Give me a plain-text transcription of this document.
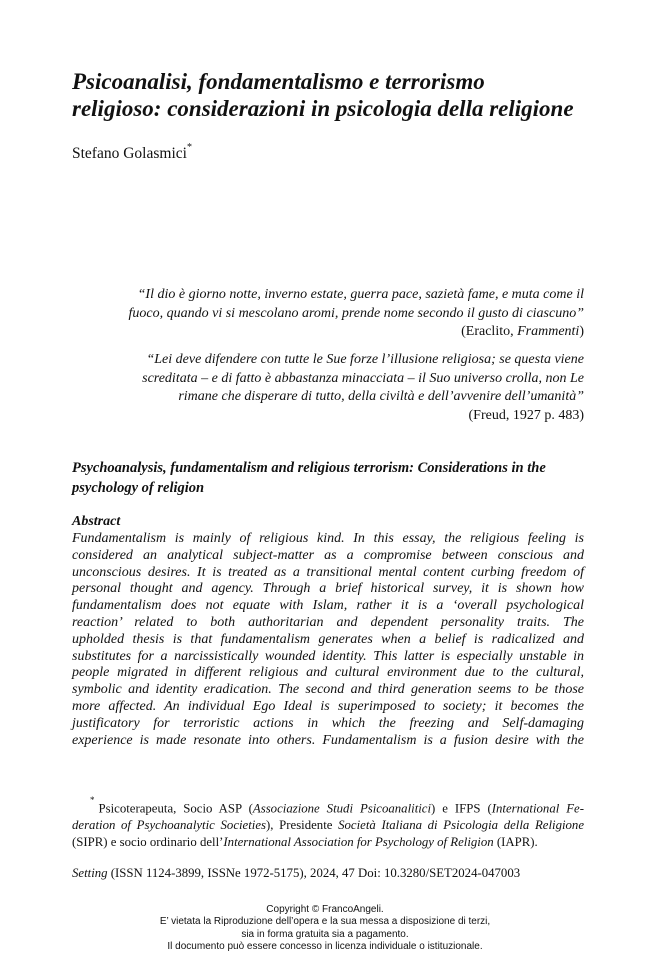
Psicoanalisi, fondamentalismo e terrorismo
religioso: considerazioni in psicologia della religione

Stefano Golasmici*

“Il dio è giorno notte, inverno estate, guerra pace, sazietà fame, e muta come il
fuoco, quando vi si mescolano aromi, prende nome secondo il gusto di ciascuno”
(Eraclito, Frammenti)

“Lei deve difendere con tutte le Sue forze l’illusione religiosa; se questa viene
screditata – e di fatto è abbastanza minacciata – il Suo universo crolla, non Le
rimane che disperare di tutto, della civiltà e dell’avvenire dell’umanità”
(Freud, 1927 p. 483)

Psychoanalysis, fundamentalism and religious terrorism: Considerations in the
psychology of religion

Abstract

Fundamentalism is mainly of religious kind. In this essay, the religious feeling is
considered an analytical subject-matter as a compromise between conscious and
unconscious desires. It is treated as a transitional mental content curbing freedom of
personal thought and agency. Through a brief historical survey, it is shown how
fundamentalism does not equate with Islam, rather it is a ‘overall psychological
reaction’ related to both authoritarian and dependent personality traits. The
upholded thesis is that fundamentalism generates when a belief is radicalized and
substitutes for a narcissistically wounded identity. This latter is especially unstable in
people migrated in different religious and cultural environment due to the cultural,
symbolic and identity eradication. The second and third generation seems to be those
more affected. An individual Ego Ideal is superimposed to society; it becomes the
justificatory for terroristic actions in which the freezing and Self-damaging
experience is made resonate into others. Fundamentalism is a fusion desire with the
*Psicoterapeuta, Socio ASP (Associazione Studi Psicoanalitici) e IFPS (International Fe-
deration of Psychoanalytic Societies), Presidente Società Italiana di Psicologia della Religione
(SIPR) e socio ordinario dell’International Association for Psychology of Religion (IAPR).

Setting (ISSN 1124-3899, ISSNe 1972-5175), 2024, 47 Doi: 10.3280/SET2024-047003

Copyright © FrancoAngeli.
E’ vietata la Riproduzione dell’opera e la sua messa a disposizione di terzi,
sia in forma gratuita sia a pagamento.
Il documento può essere concesso in licenza individuale o istituzionale.
